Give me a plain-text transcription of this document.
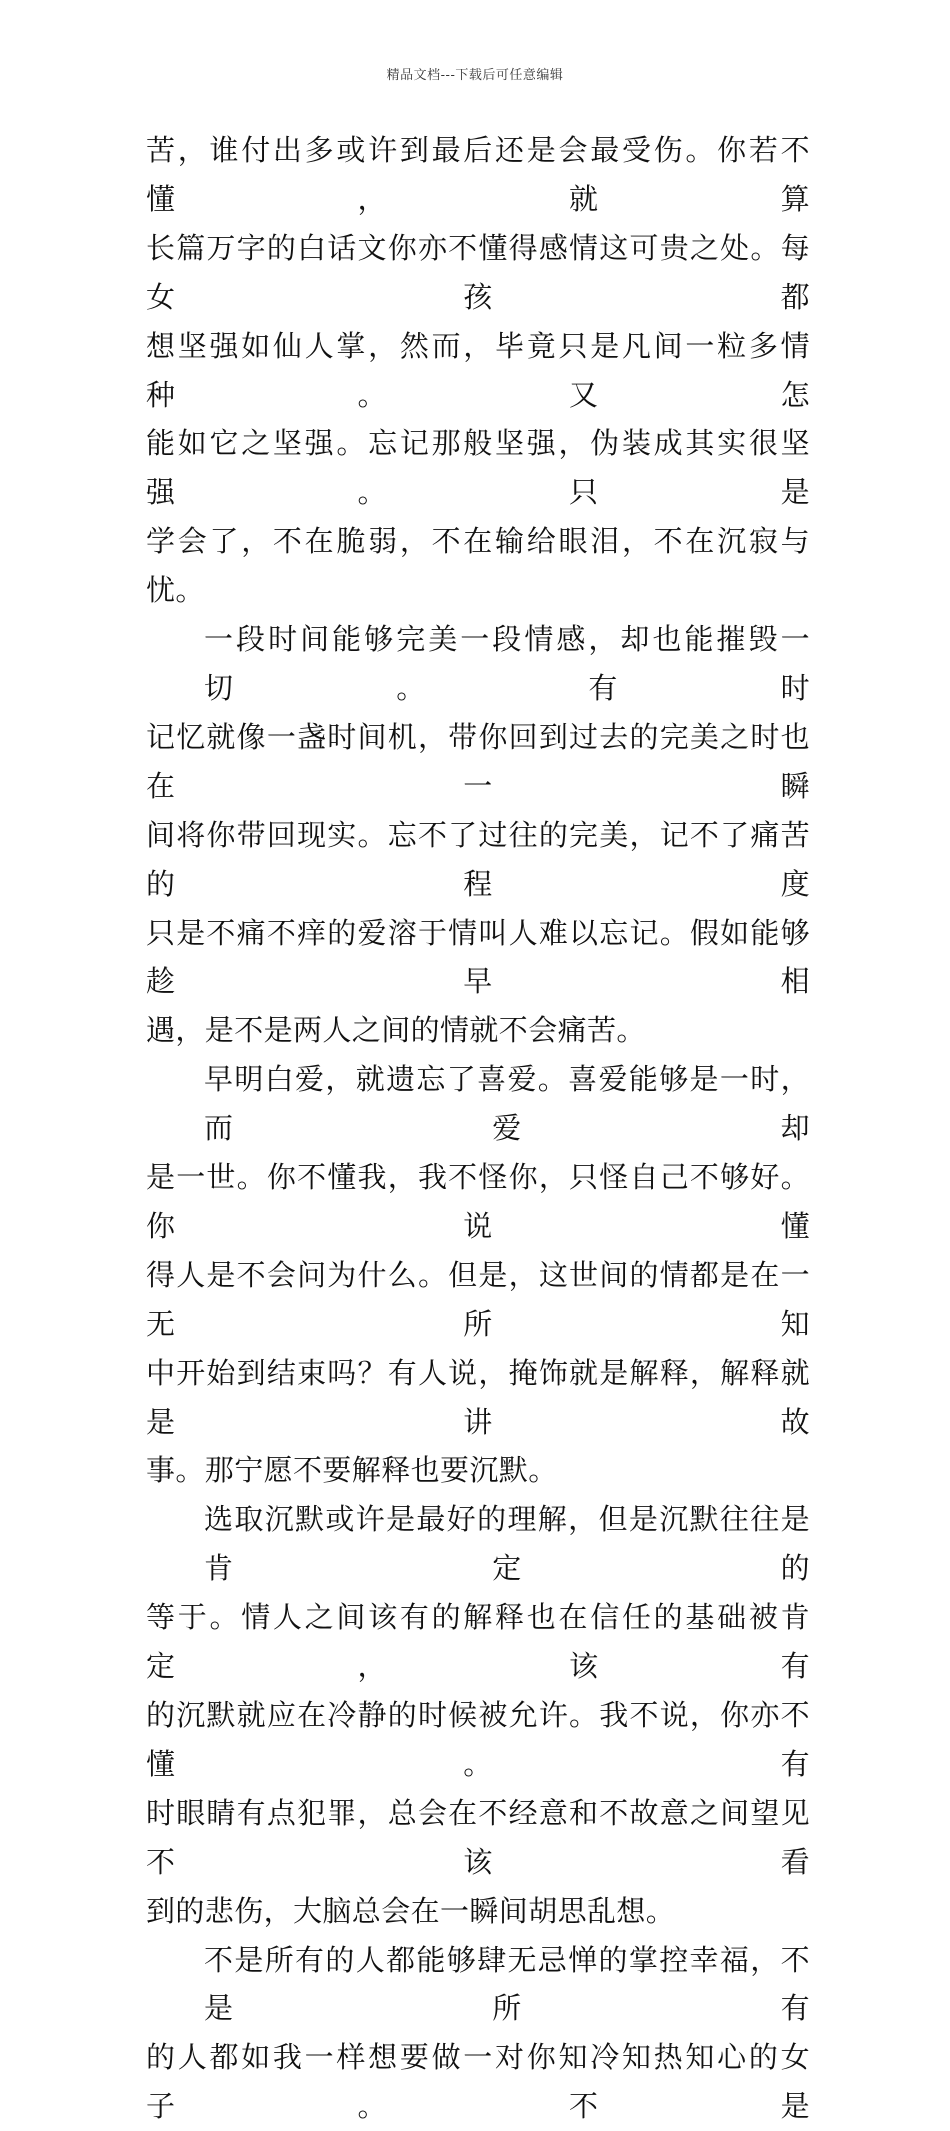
精品文档---下载后可任意编辑
苦，谁付出多或许到最后还是会最受伤。你若不懂，就算
长篇万字的白话文你亦不懂得感情这可贵之处。每女孩都
想坚强如仙人掌，然而，毕竟只是凡间一粒多情种。又怎
能如它之坚强。忘记那般坚强，伪装成其实很坚强。只是
学会了，不在脆弱，不在输给眼泪，不在沉寂与忧。
一段时间能够完美一段情感，却也能摧毁一切。有时
记忆就像一盏时间机，带你回到过去的完美之时也在一瞬
间将你带回现实。忘不了过往的完美，记不了痛苦的程度
只是不痛不痒的爱溶于情叫人难以忘记。假如能够趁早相
遇，是不是两人之间的情就不会痛苦。
早明白爱，就遗忘了喜爱。喜爱能够是一时，而爱却
是一世。你不懂我，我不怪你，只怪自己不够好。你说懂
得人是不会问为什么。但是，这世间的情都是在一无所知
中开始到结束吗？有人说，掩饰就是解释，解释就是讲故
事。那宁愿不要解释也要沉默。
选取沉默或许是最好的理解，但是沉默往往是肯定的
等于。情人之间该有的解释也在信任的基础被肯定，该有
的沉默就应在冷静的时候被允许。我不说，你亦不懂。有
时眼睛有点犯罪，总会在不经意和不故意之间望见不该看
到的悲伤，大脑总会在一瞬间胡思乱想。
不是所有的人都能够肆无忌惮的掌控幸福，不是所有
的人都如我一样想要做一对你知冷知热知心的女子。不是
